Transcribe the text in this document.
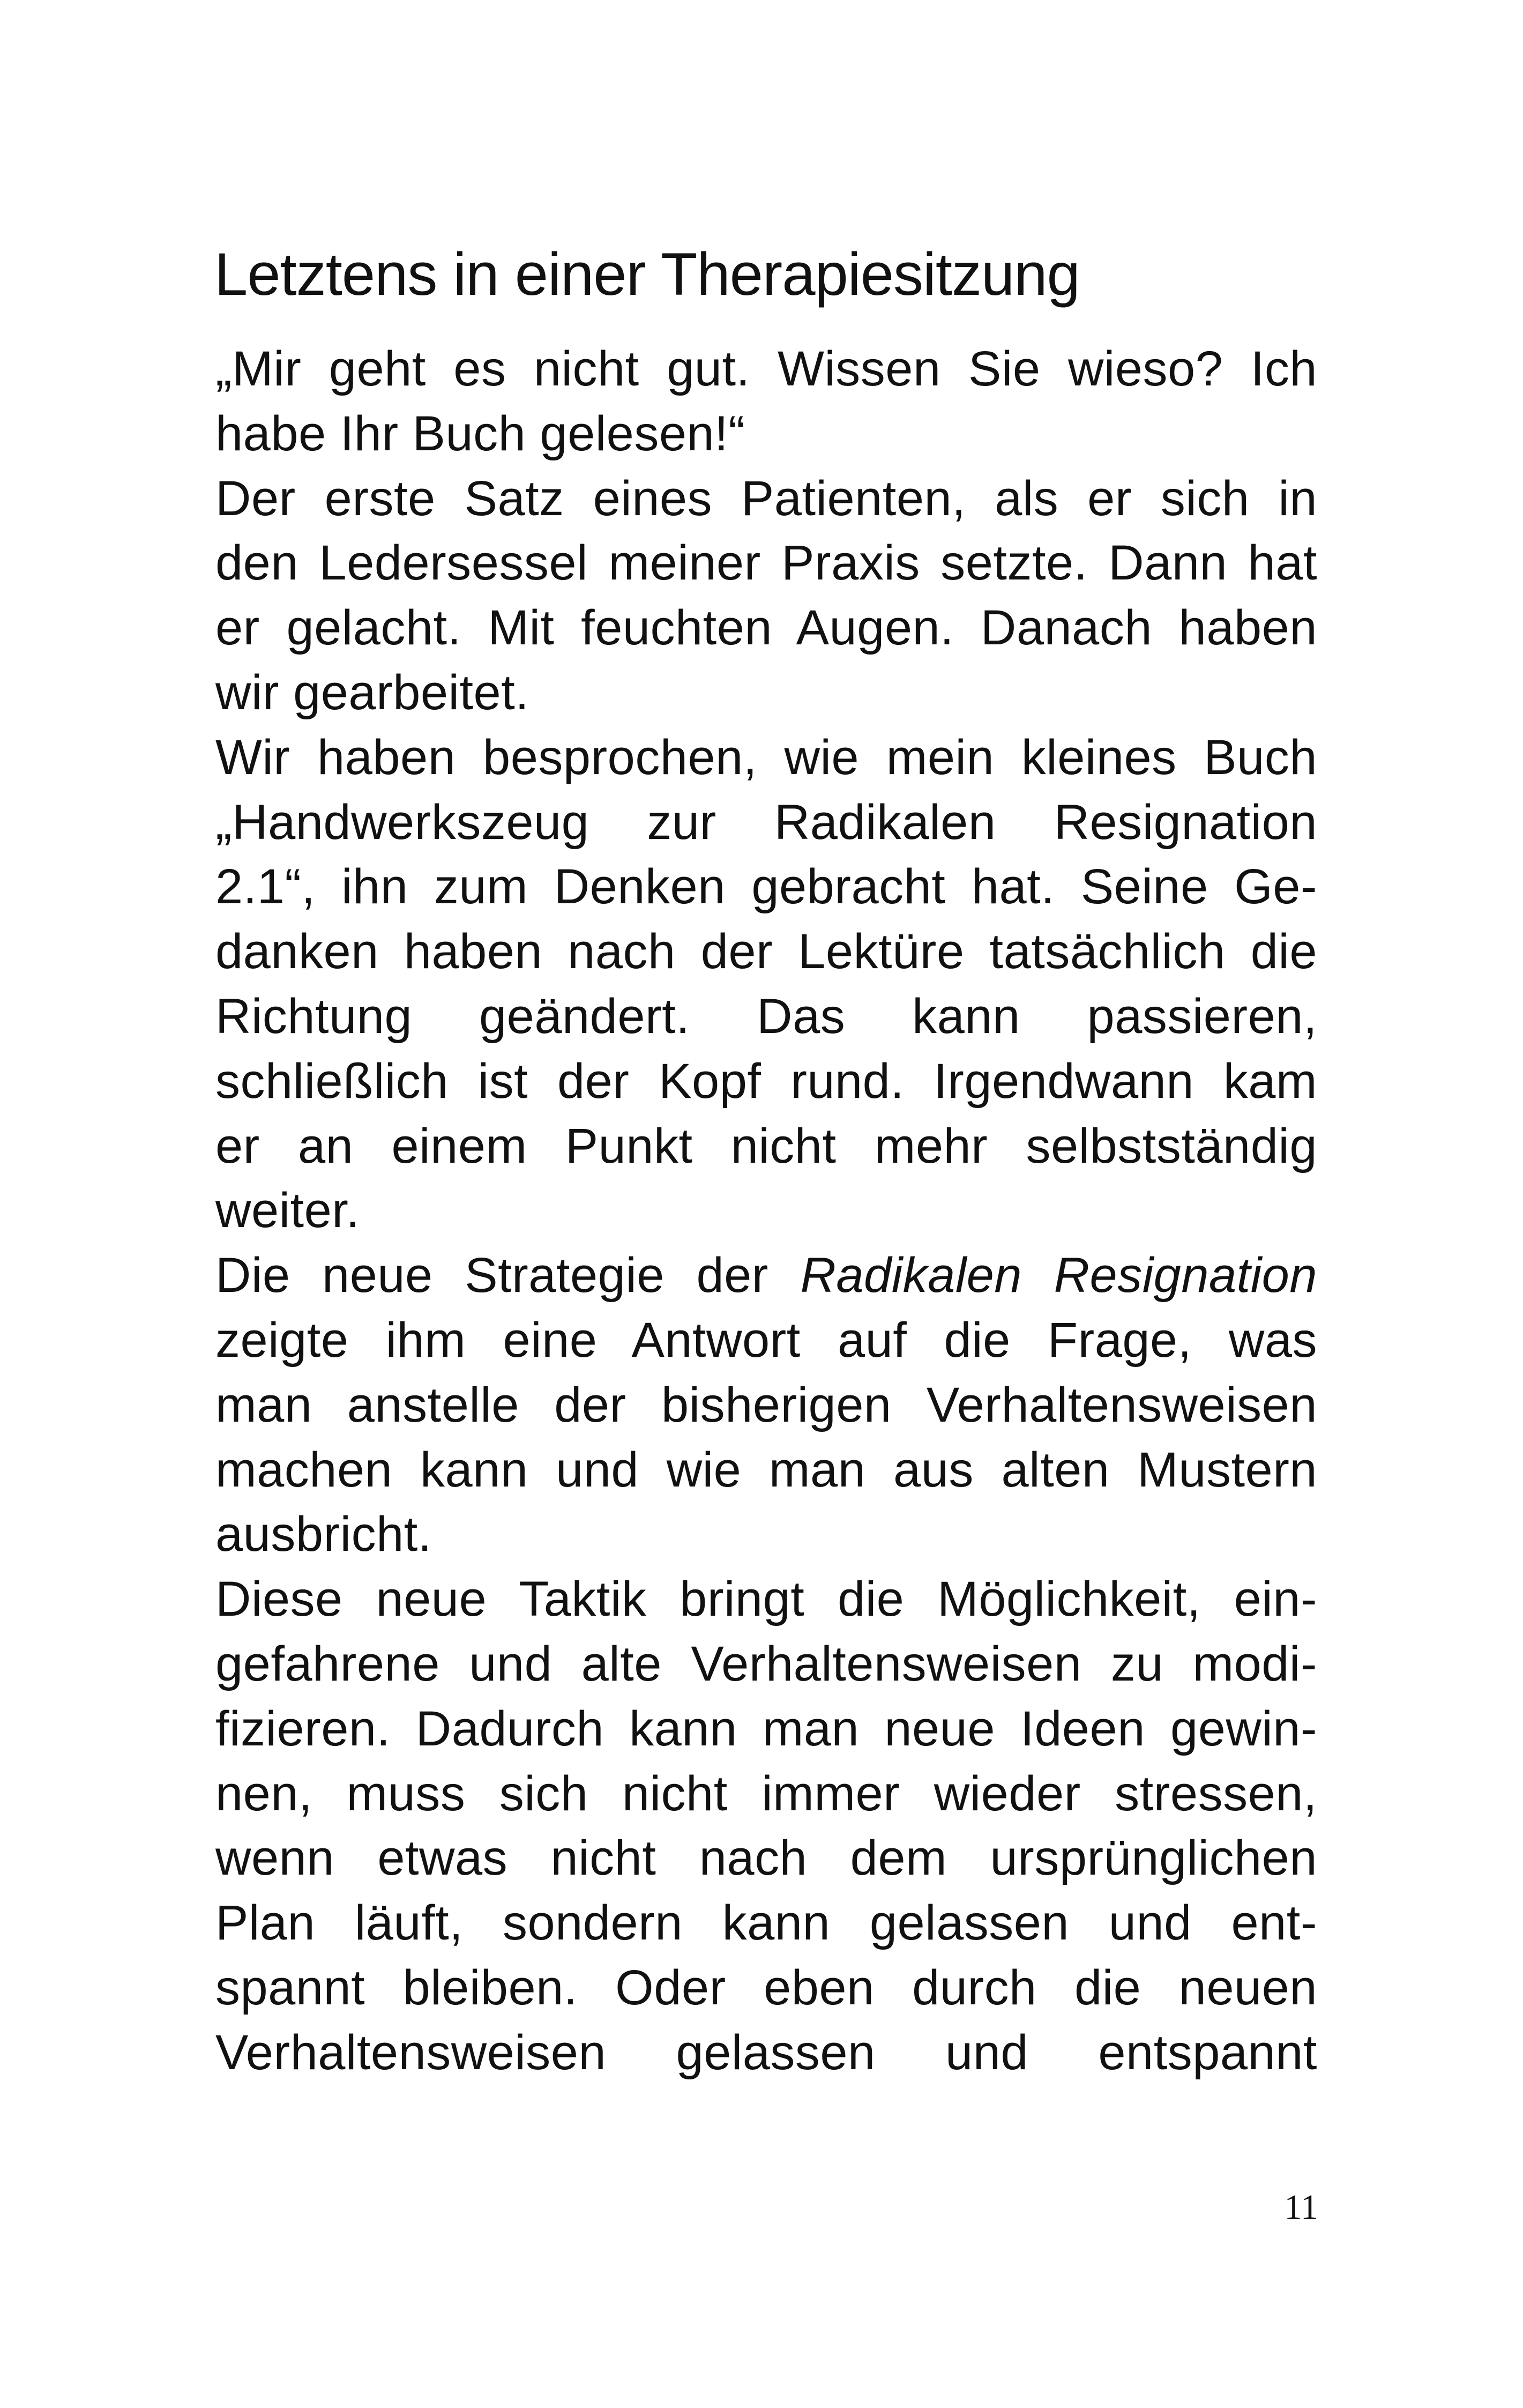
Letztens in einer Therapiesitzung
„Mir geht es nicht gut. Wissen Sie wieso? Ich
habe Ihr Buch gelesen!“
Der erste Satz eines Patienten, als er sich in
den Ledersessel meiner Praxis setzte. Dann hat
er gelacht. Mit feuchten Augen. Danach haben
wir gearbeitet.
Wir haben besprochen, wie mein kleines Buch
„Handwerkszeug zur Radikalen Resignation
2.1“, ihn zum Denken gebracht hat. Seine Ge-
danken haben nach der Lektüre tatsächlich die
Richtung geändert. Das kann passieren,
schließlich ist der Kopf rund. Irgendwann kam
er an einem Punkt nicht mehr selbstständig
weiter.
Die neue Strategie der Radikalen Resignation
zeigte ihm eine Antwort auf die Frage, was
man anstelle der bisherigen Verhaltensweisen
machen kann und wie man aus alten Mustern
ausbricht.
Diese neue Taktik bringt die Möglichkeit, ein-
gefahrene und alte Verhaltensweisen zu modi-
fizieren. Dadurch kann man neue Ideen gewin-
nen, muss sich nicht immer wieder stressen,
wenn etwas nicht nach dem ursprünglichen
Plan läuft, sondern kann gelassen und ent-
spannt bleiben. Oder eben durch die neuen
Verhaltensweisen gelassen und entspannt
11
